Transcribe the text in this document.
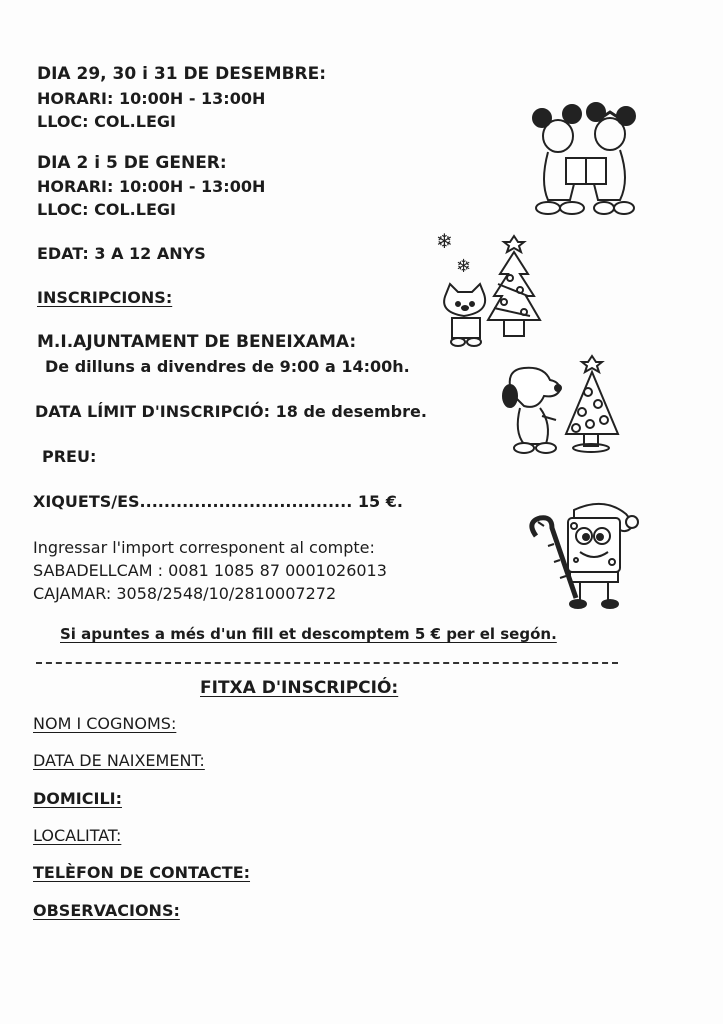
DIA 29, 30 i 31 DE DESEMBRE:
HORARI: 10:00H - 13:00H
LLOC: COL.LEGI
DIA 2 i 5 DE GENER:
HORARI: 10:00H - 13:00H
LLOC: COL.LEGI
EDAT: 3 A 12 ANYS
INSCRIPCIONS:
M.I.AJUNTAMENT DE BENEIXAMA:
De dilluns a divendres de 9:00 a 14:00h.
DATA LÍMIT D'INSCRIPCIÓ: 18 de desembre.
PREU:
XIQUETS/ES................................... 15 €.
Ingressar l'import corresponent al compte:
SABADELLCAM : 0081 1085 87 0001026013
CAJAMAR: 3058/2548/10/2810007272
Si apuntes a més d'un fill et descomptem 5 € per el segón.
FITXA D'INSCRIPCIÓ:
NOM I COGNOMS:
DATA DE NAIXEMENT:
DOMICILI:
LOCALITAT:
TELÈFON DE CONTACTE:
OBSERVACIONS:
❄
❄
